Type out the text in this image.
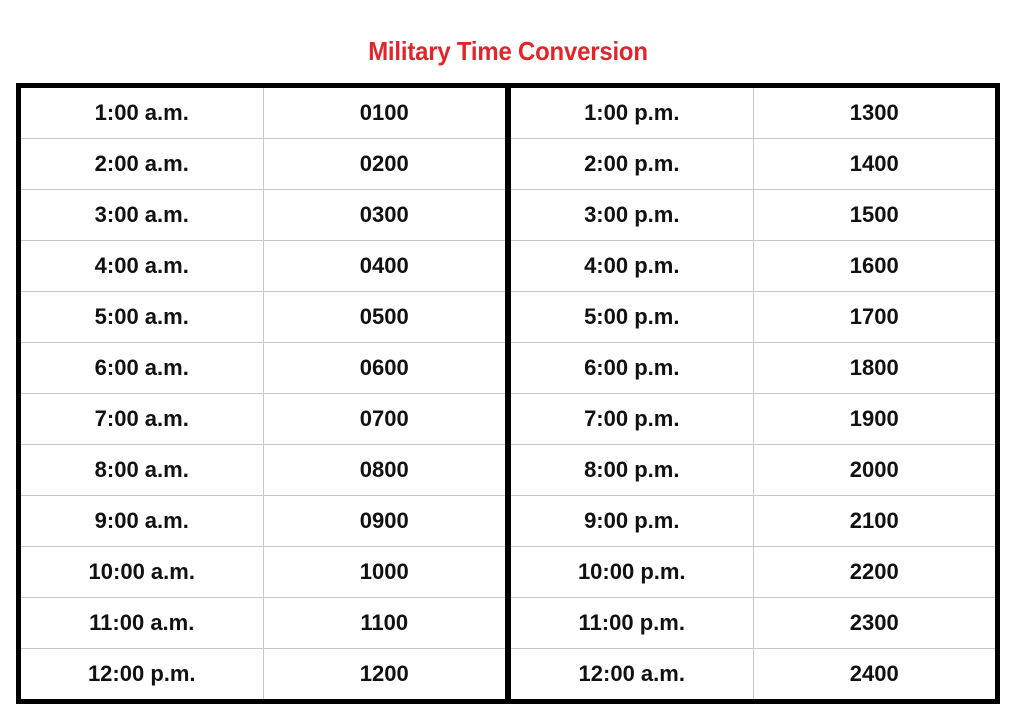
Military Time Conversion
1:00 a.m.	0100
2:00 a.m.	0200
3:00 a.m.	0300
4:00 a.m.	0400
5:00 a.m.	0500
6:00 a.m.	0600
7:00 a.m.	0700
8:00 a.m.	0800
9:00 a.m.	0900
10:00 a.m.	1000
11:00 a.m.	1100
12:00 p.m.	1200
1:00 p.m.	1300
2:00 p.m.	1400
3:00 p.m.	1500
4:00 p.m.	1600
5:00 p.m.	1700
6:00 p.m.	1800
7:00 p.m.	1900
8:00 p.m.	2000
9:00 p.m.	2100
10:00 p.m.	2200
11:00 p.m.	2300
12:00 a.m.	2400
